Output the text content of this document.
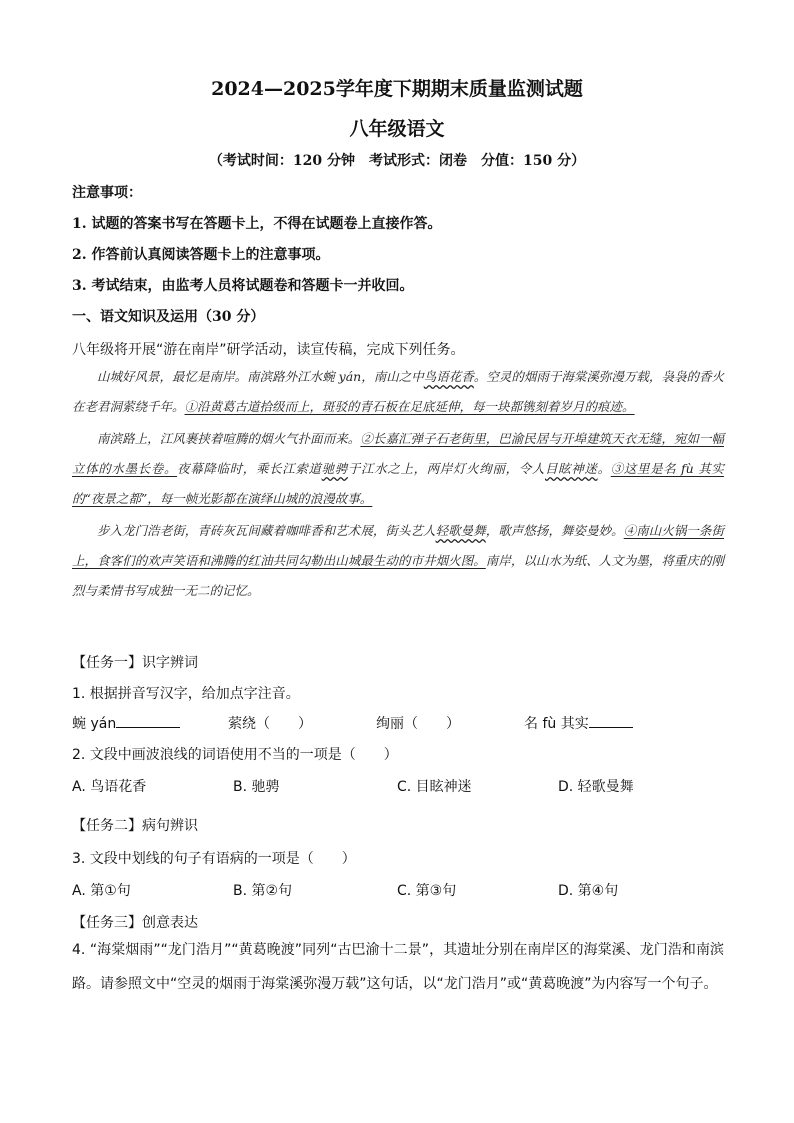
2024—2025学年度下期期末质量监测试题
八年级语文
（考试时间：120 分钟　考试形式：闭卷　分值：150 分）
注意事项：
1. 试题的答案书写在答题卡上，不得在试题卷上直接作答。
2. 作答前认真阅读答题卡上的注意事项。
3. 考试结束，由监考人员将试题卷和答题卡一并收回。
一、语文知识及运用（30 分）
八年级将开展“游在南岸”研学活动，读宣传稿，完成下列任务。

山城好风景，最忆是南岸。南滨路外江水蜿 yán，南山之中鸟语花香。空灵的烟雨于海棠溪弥漫万载，袅袅的香火在老君洞萦绕千年。①沿黄葛古道拾级而上，斑驳的青石板在足底延伸，每一块都镌刻着岁月的痕迹。

南滨路上，江风裹挟着喧腾的烟火气扑面而来。②长嘉汇弹子石老街里，巴渝民居与开埠建筑天衣无缝，宛如一幅立体的水墨长卷。夜幕降临时，乘长江索道驰骋于江水之上，两岸灯火绚丽，令人目眩神迷。③这里是名 fù 其实的“夜景之都”，每一帧光影都在演绎山城的浪漫故事。

步入龙门浩老街，青砖灰瓦间藏着咖啡香和艺术展，街头艺人轻歌曼舞，歌声悠扬，舞姿曼妙。④南山火锅一条街上，食客们的欢声笑语和沸腾的红油共同勾勒出山城最生动的市井烟火图。南岸，以山水为纸、人文为墨，将重庆的刚烈与柔情书写成独一无二的记忆。

【任务一】识字辨词
1. 根据拼音写汉字，给加点字注音。
蜿 yán	萦绕（　　）	绚丽（　　）	名 fù 其实
2. 文段中画波浪线的词语使用不当的一项是（　　）
A. 鸟语花香	B. 驰骋	C. 目眩神迷	D. 轻歌曼舞
【任务二】病句辨识
3. 文段中划线的句子有语病的一项是（　　）
A. 第①句	B. 第②句	C. 第③句	D. 第④句
【任务三】创意表达
4. “海棠烟雨”“龙门浩月”“黄葛晚渡”同列“古巴渝十二景”，其遗址分别在南岸区的海棠溪、龙门浩和南滨路。请参照文中“空灵的烟雨于海棠溪弥漫万载”这句话，以“龙门浩月”或“黄葛晚渡”为内容写一个句子。
